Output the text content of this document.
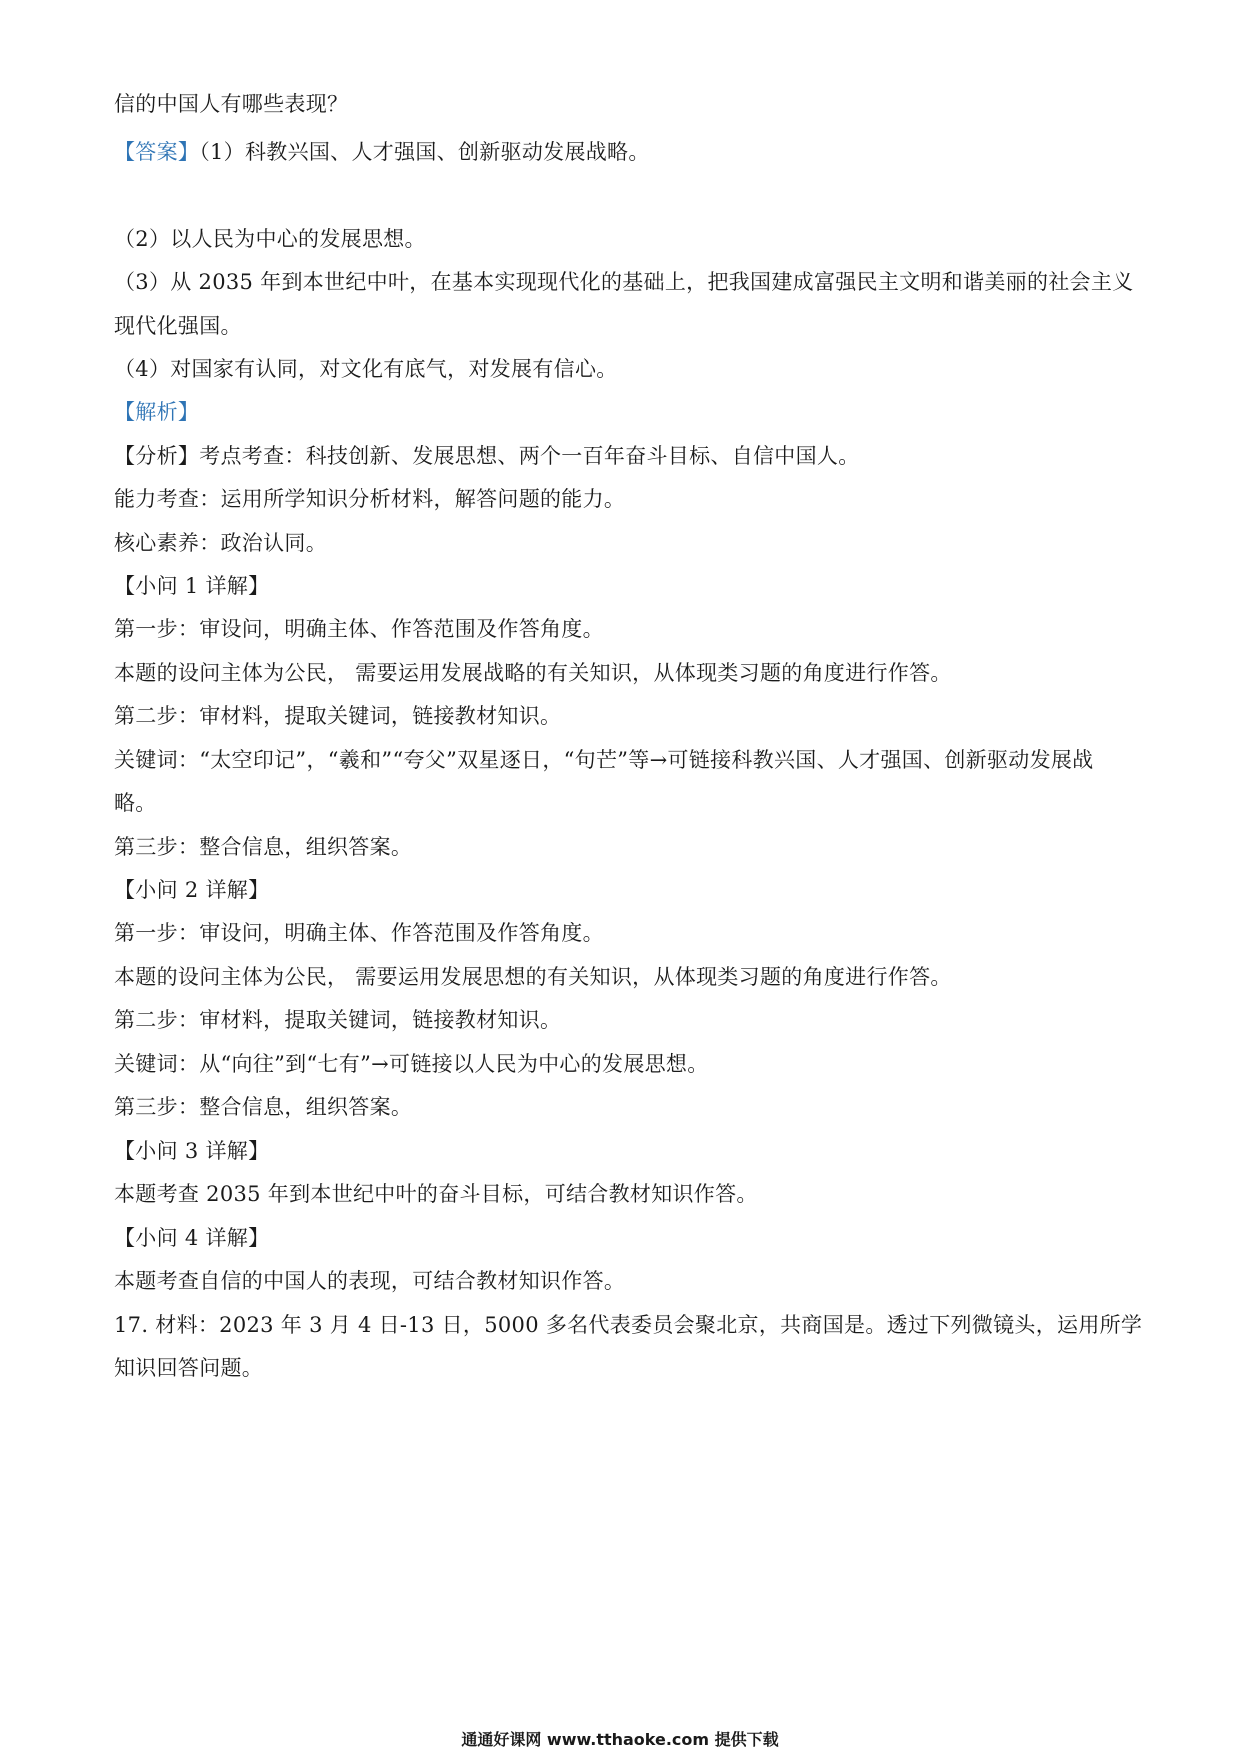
信的中国人有哪些表现？
【答案】（1）科教兴国、人才强国、创新驱动发展战略。
（2）以人民为中心的发展思想。
（3）从 2035 年到本世纪中叶，在基本实现现代化的基础上，把我国建成富强民主文明和谐美丽的社会主义
现代化强国。
（4）对国家有认同，对文化有底气，对发展有信心。
【解析】
【分析】考点考查：科技创新、发展思想、两个一百年奋斗目标、自信中国人。
能力考查：运用所学知识分析材料，解答问题的能力。
核心素养：政治认同。
【小问 1 详解】
第一步：审设问，明确主体、作答范围及作答角度。
本题的设问主体为公民， 需要运用发展战略的有关知识，从体现类习题的角度进行作答。
第二步：审材料，提取关键词，链接教材知识。
关键词：“太空印记”，“羲和”“夸父”双星逐日，“句芒”等→可链接科教兴国、人才强国、创新驱动发展战
略。
第三步：整合信息，组织答案。
【小问 2 详解】
第一步：审设问，明确主体、作答范围及作答角度。
本题的设问主体为公民， 需要运用发展思想的有关知识，从体现类习题的角度进行作答。
第二步：审材料，提取关键词，链接教材知识。
关键词：从“向往”到“七有”→可链接以人民为中心的发展思想。
第三步：整合信息，组织答案。
【小问 3 详解】
本题考查 2035 年到本世纪中叶的奋斗目标，可结合教材知识作答。
【小问 4 详解】
本题考查自信的中国人的表现，可结合教材知识作答。
17. 材料：2023 年 3 月 4 日-13 日，5000 多名代表委员会聚北京，共商国是。透过下列微镜头，运用所学
知识回答问题。
通通好课网 www.tthaoke.com 提供下载
